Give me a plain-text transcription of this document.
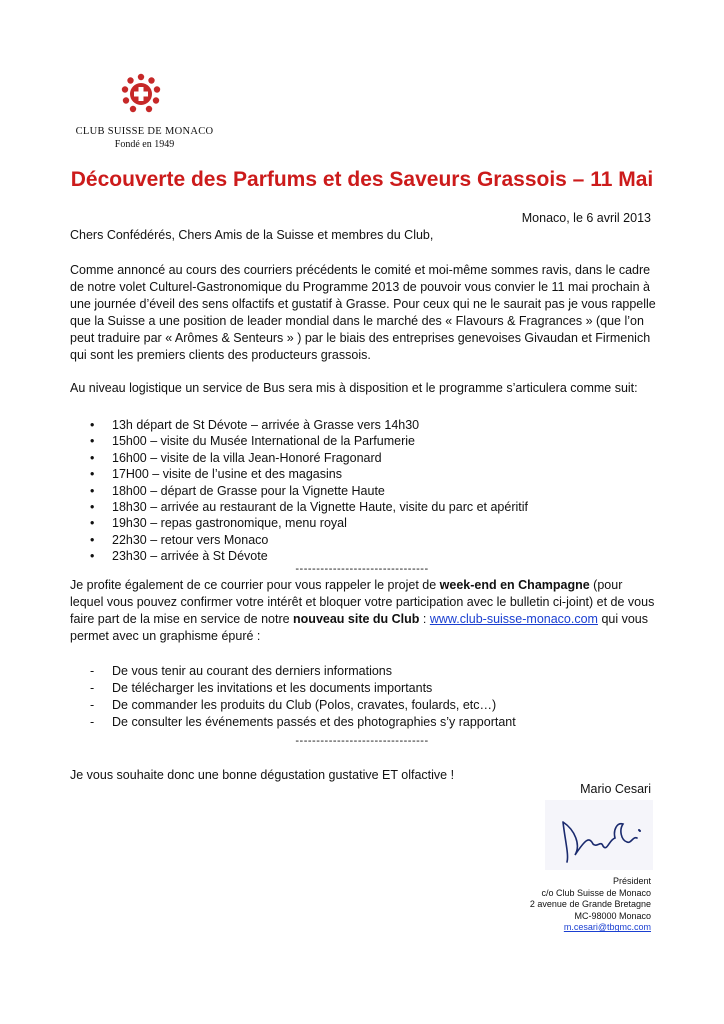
CLUB SUISSE DE MONACO
Fondé en 1949
Découverte des Parfums et des Saveurs Grassois – 11 Mai
Monaco, le 6 avril 2013
Chers Confédérés, Chers Amis de la Suisse et membres du Club,
Comme annoncé au cours des courriers précédents le comité et moi-même sommes ravis, dans le cadre de notre volet Culturel-Gastronomique du Programme 2013 de pouvoir vous convier le 11 mai prochain à une journée d’éveil des sens olfactifs et gustatif à Grasse. Pour ceux qui ne le saurait pas je vous rappelle que la Suisse a une position de leader mondial dans le marché des « Flavours & Fragrances » (que l’on peut traduire par « Arômes & Senteurs » ) par le biais des entreprises genevoises Givaudan et Firmenich qui sont les premiers clients des producteurs grassois.
Au niveau logistique un service de Bus sera mis à disposition et le programme s’articulera comme suit:
• 13h départ de St Dévote – arrivée à Grasse vers 14h30
• 15h00 – visite du Musée International de la Parfumerie
• 16h00 – visite de la villa Jean-Honoré Fragonard
• 17H00 – visite de l’usine et des magasins
• 18h00 – départ de Grasse pour la Vignette Haute
• 18h30 – arrivée au restaurant de la Vignette Haute, visite du parc et apéritif
• 19h30 – repas gastronomique, menu royal
• 22h30 – retour vers Monaco
• 23h30 – arrivée à St Dévote
--------------------------------
Je profite également de ce courrier pour vous rappeler le projet de week-end en Champagne (pour lequel vous pouvez confirmer votre intérêt et bloquer votre participation avec le bulletin ci-joint) et de vous faire part de la mise en service de notre nouveau site du Club : www.club-suisse-monaco.com qui vous permet avec un graphisme épuré :
- De vous tenir au courant des derniers informations
- De télécharger les invitations et les documents importants
- De commander les produits du Club (Polos, cravates, foulards, etc…)
- De consulter les événements passés et des photographies s’y rapportant
--------------------------------
Je vous souhaite donc une bonne dégustation gustative ET olfactive !
Mario Cesari
Président
c/o Club Suisse de Monaco
2 avenue de Grande Bretagne
MC-98000 Monaco
m.cesari@tbgmc.com
